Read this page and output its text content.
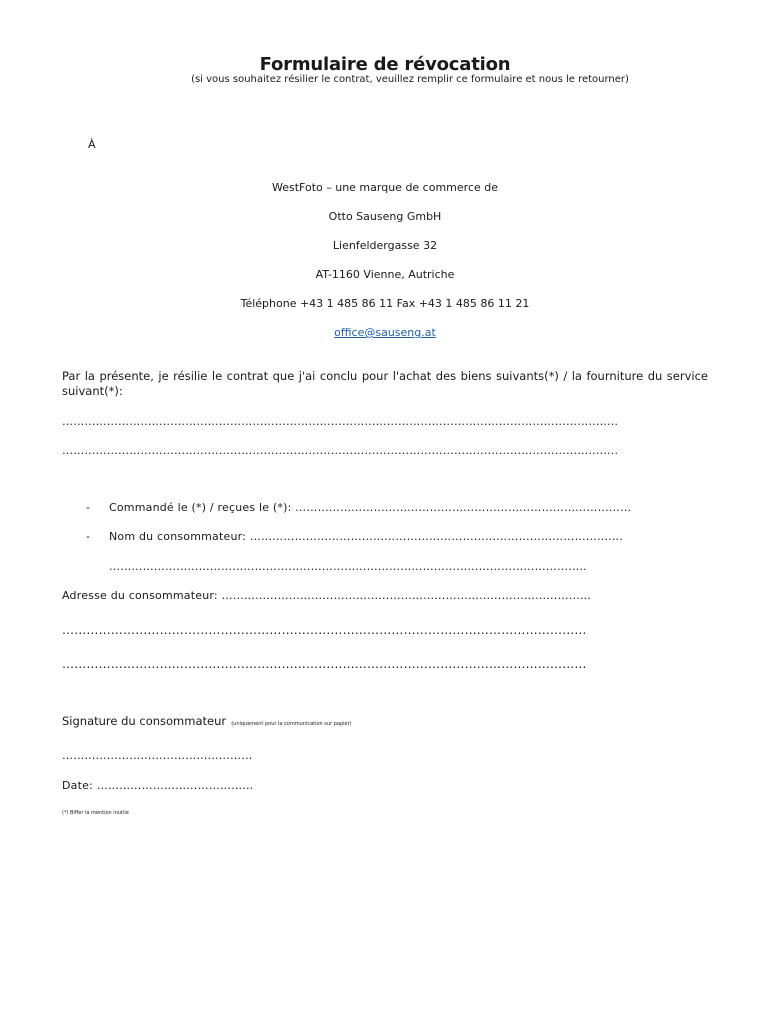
Formulaire de révocation
(si vous souhaitez résilier le contrat, veuillez remplir ce formulaire et nous le retourner)
À
WestFoto – une marque de commerce de
Otto Sauseng GmbH
Lienfeldergasse 32
AT-1160 Vienne, Autriche
Téléphone +43 1 485 86 11 Fax +43 1 485 86 11 21
office@sauseng.at
Par la présente, je résilie le contrat que j'ai conclu pour l'achat des biens suivants(*) / la fourniture du service suivant(*):
…………………………………………………………………………………………………………………………………..
…………………………………………………………………………………………………………………………………..
- Commandé le (*) / reçues le (*): ………………………………………………………………………………
- Nom du consommateur: ……………………………………………………………………………………….
………………………………………………………………………………………………………………..
Adresse du consommateur: ………………………………………………………………………………………
…………………………………………………………………………………………………………………
…………………………………………………………………………………………………………………
Signature du consommateur (uniquement pour la communication sur papier)
……………………………………………
Date: ……………………………………
(*) Biffer la mention inutile
